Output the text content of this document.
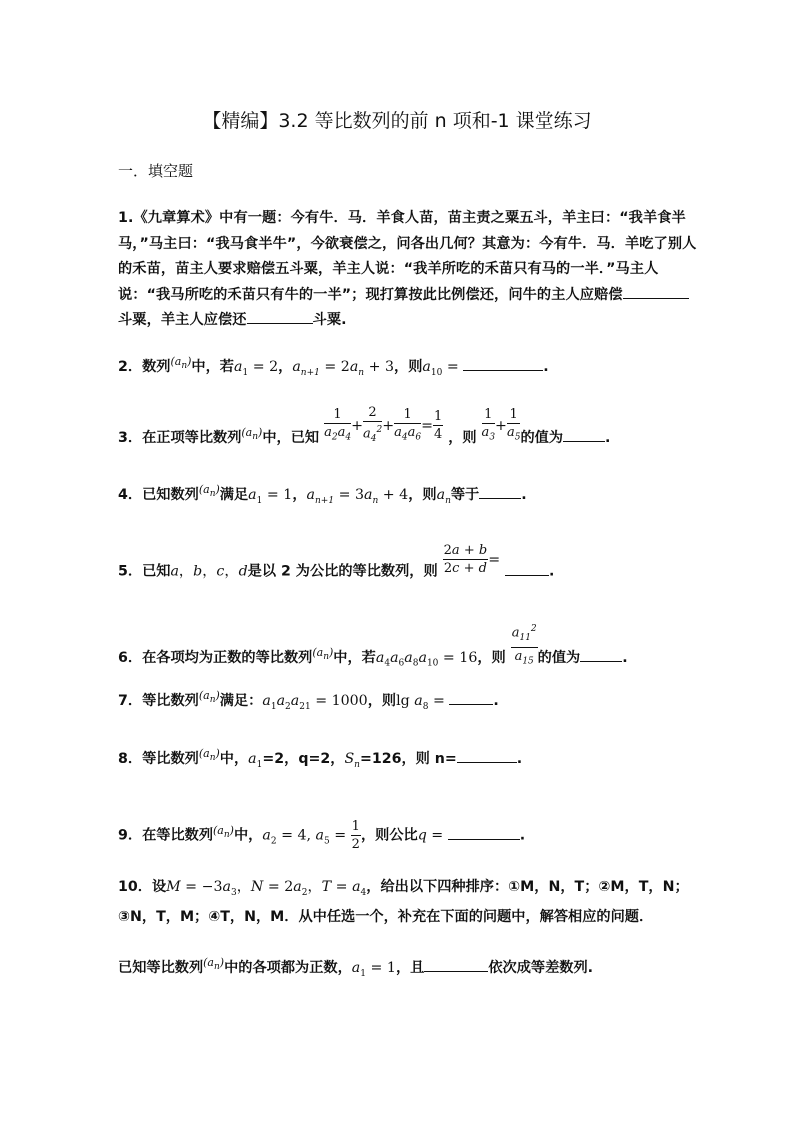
【精编】3.2 等比数列的前 n 项和-1 课堂练习
一．填空题
1.《九章算术》中有一题：今有牛．马．羊食人苗，苗主责之粟五斗，羊主曰：“我羊食半马，”马主曰：“我马食半牛”，今欲衰偿之，问各出几何？其意为：今有牛．马．羊吃了别人的禾苗，苗主人要求赔偿五斗粟，羊主人说：“我羊所吃的禾苗只有马的一半．”马主人说：“我马所吃的禾苗只有牛的一半”；现打算按此比例偿还，问牛的主人应赔偿斗粟，羊主人应偿还	斗粟.
2．数列$^{(a_n)}$中，若$a_1 = 2$，$a_{n+1} = 2a_n + 3$，则$a_{10}$ =	.
3．在正项等比数列$^{(a_n)}$中，已知 $\frac{1}{a_2a_4} + \frac{2}{a_4^2} + \frac{1}{a_4a_6} = \frac{1}{4}$ ，则 $\frac{1}{a_3} + \frac{1}{a_5}$ 的值为	.
4．已知数列$^{(a_n)}$满足$a_1 = 1$，$a_{n+1} = 3a_n + 4$，则$a_n$等于	.
5．已知a，b，c，d是以 2 为公比的等比数列，则 $\frac{2a + b}{2c + d}$ = .
6．在各项均为正数的等比数列$^{(a_n)}$中，若$a_4a_6a_8a_{10} = 16$，则 $\frac{a_{11}^2}{a_{15}}$ 的值为	.
7．等比数列$^{(a_n)}$满足：$a_1a_2a_{21} = 1000$，则$\lg a_8$ =	.
8．等比数列$^{(a_n)}$中，$a_1=2$，q=2，$S_n=126$，则 n=	.
9．在等比数列$^{(a_n)}$中，$a_2 = 4$, $a_5 = \frac{1}{2}$ ，则公比q =	.
10．设$M = -3a_3$，$N = 2a_2$，$T = a_4$，给出以下四种排序：①M，N，T；②M，T，N；
③N，T，M；④T，N，M．从中任选一个，补充在下面的问题中，解答相应的问题．
已知等比数列$^{(a_n)}$中的各项都为正数，$a_1 = 1$，且	依次成等差数列.
